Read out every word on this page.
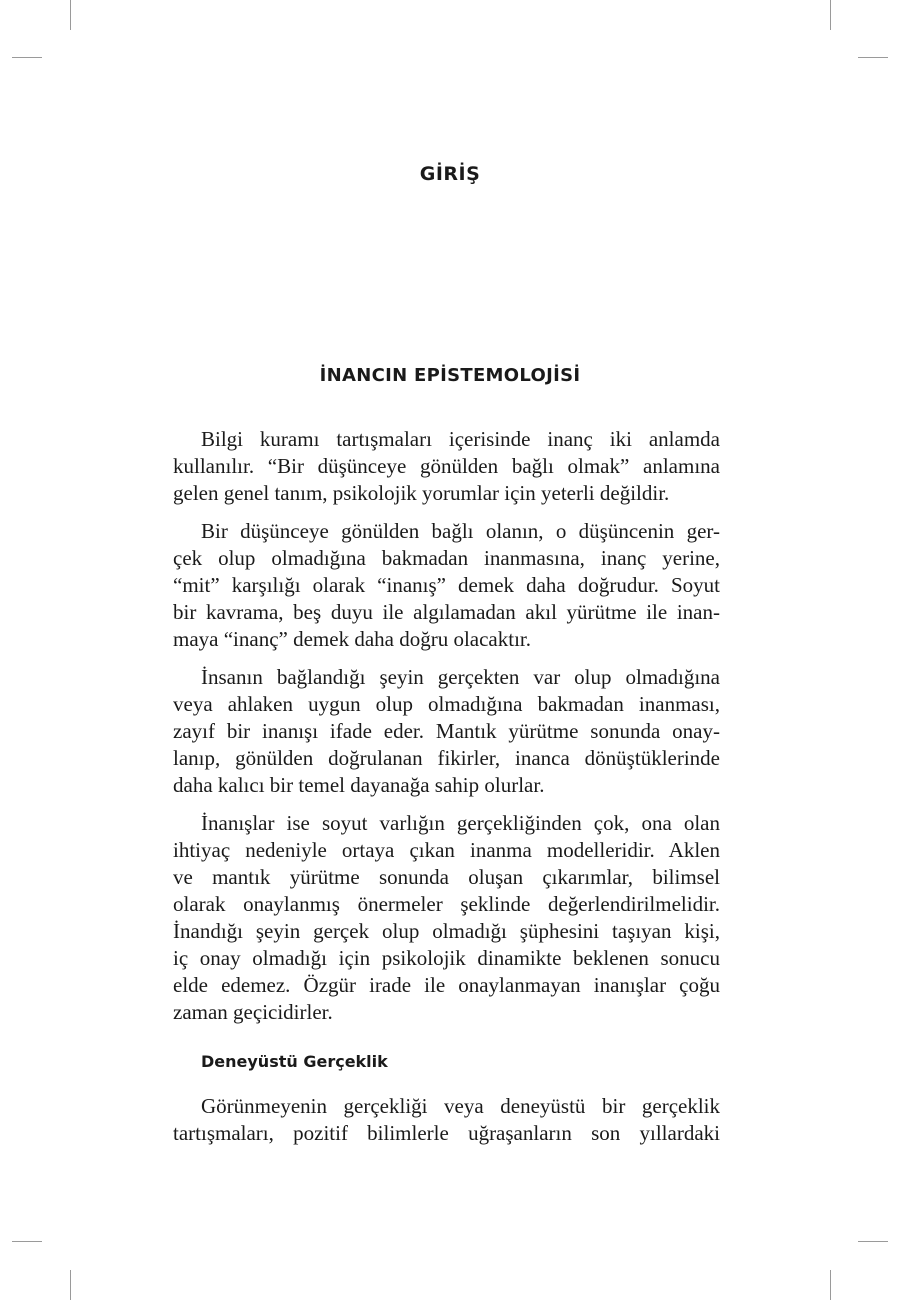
GİRİŞ
İNANCIN EPİSTEMOLOJİSİ

Bilgi kuramı tartışmaları içerisinde inanç iki anlamda
kullanılır. “Bir düşünceye gönülden bağlı olmak” anlamına
gelen genel tanım, psikolojik yorumlar için yeterli değildir.

Bir düşünceye gönülden bağlı olanın, o düşüncenin ger-
çek olup olmadığına bakmadan inanmasına, inanç yerine,
“mit” karşılığı olarak “inanış” demek daha doğrudur. Soyut
bir kavrama, beş duyu ile algılamadan akıl yürütme ile inan-
maya “inanç” demek daha doğru olacaktır.

İnsanın bağlandığı şeyin gerçekten var olup olmadığına
veya ahlaken uygun olup olmadığına bakmadan inanması,
zayıf bir inanışı ifade eder. Mantık yürütme sonunda onay-
lanıp, gönülden doğrulanan fikirler, inanca dönüştüklerinde
daha kalıcı bir temel dayanağa sahip olurlar.

İnanışlar ise soyut varlığın gerçekliğinden çok, ona olan
ihtiyaç nedeniyle ortaya çıkan inanma modelleridir. Aklen
ve mantık yürütme sonunda oluşan çıkarımlar, bilimsel
olarak onaylanmış önermeler şeklinde değerlendirilmelidir.
İnandığı şeyin gerçek olup olmadığı şüphesini taşıyan kişi,
iç onay olmadığı için psikolojik dinamikte beklenen sonucu
elde edemez. Özgür irade ile onaylanmayan inanışlar çoğu
zaman geçicidirler.

Deneyüstü Gerçeklik

Görünmeyenin gerçekliği veya deneyüstü bir gerçeklik
tartışmaları, pozitif bilimlerle uğraşanların son yıllardaki
